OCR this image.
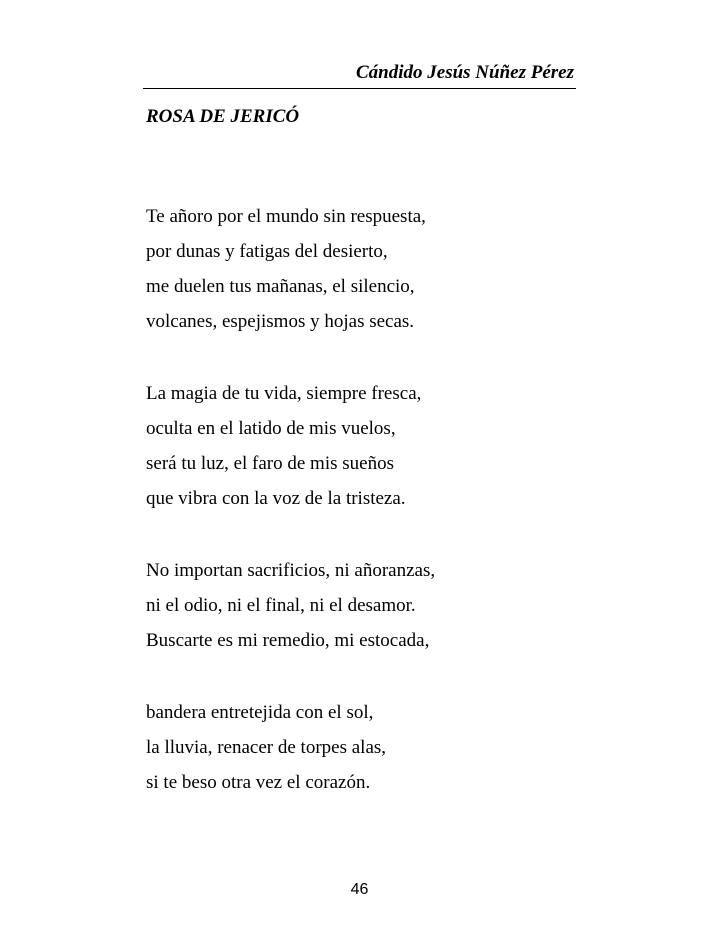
Cándido Jesús Núñez Pérez
ROSA DE JERICÓ
Te añoro por el mundo sin respuesta,
por dunas y fatigas del desierto,
me duelen tus mañanas, el silencio,
volcanes, espejismos y hojas secas.
La magia de tu vida, siempre fresca,
oculta en el latido de mis vuelos,
será tu luz, el faro de mis sueños
que vibra con la voz de la tristeza.
No importan sacrificios, ni añoranzas,
ni el odio, ni el final, ni el desamor.
Buscarte es mi remedio, mi estocada,
bandera entretejida con el sol,
la lluvia, renacer de torpes alas,
si te beso otra vez el corazón.
46
